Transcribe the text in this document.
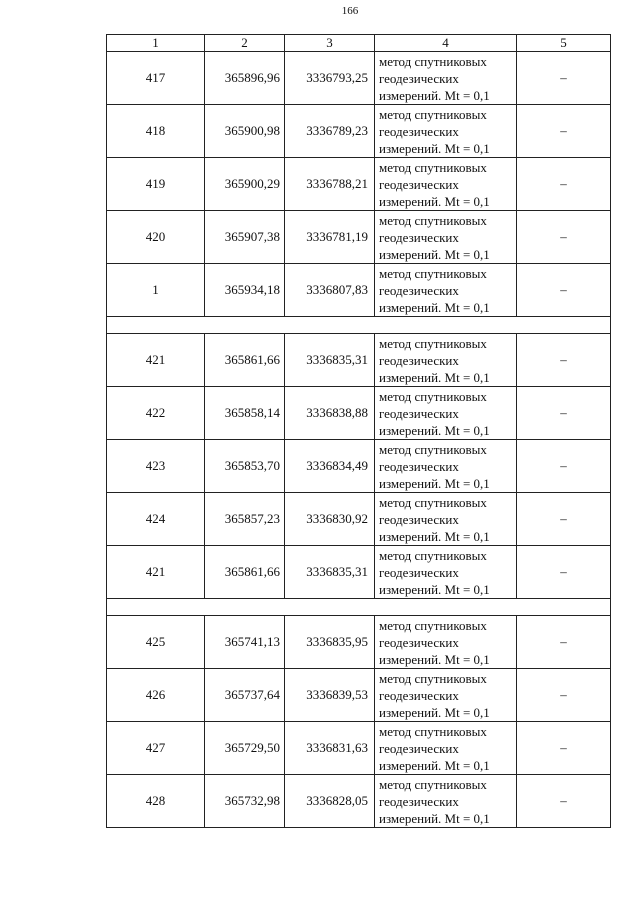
166
1	2	3	4	5
417	365896,96	3336793,25	метод спутниковых
геодезических
измерений. Mt = 0,1	–
418	365900,98	3336789,23	метод спутниковых
геодезических
измерений. Mt = 0,1	–
419	365900,29	3336788,21	метод спутниковых
геодезических
измерений. Mt = 0,1	–
420	365907,38	3336781,19	метод спутниковых
геодезических
измерений. Mt = 0,1	–
1	365934,18	3336807,83	метод спутниковых
геодезических
измерений. Mt = 0,1	–

421	365861,66	3336835,31	метод спутниковых
геодезических
измерений. Mt = 0,1	–
422	365858,14	3336838,88	метод спутниковых
геодезических
измерений. Mt = 0,1	–
423	365853,70	3336834,49	метод спутниковых
геодезических
измерений. Mt = 0,1	–
424	365857,23	3336830,92	метод спутниковых
геодезических
измерений. Mt = 0,1	–
421	365861,66	3336835,31	метод спутниковых
геодезических
измерений. Mt = 0,1	–

425	365741,13	3336835,95	метод спутниковых
геодезических
измерений. Mt = 0,1	–
426	365737,64	3336839,53	метод спутниковых
геодезических
измерений. Mt = 0,1	–
427	365729,50	3336831,63	метод спутниковых
геодезических
измерений. Mt = 0,1	–
428	365732,98	3336828,05	метод спутниковых
геодезических
измерений. Mt = 0,1	–
